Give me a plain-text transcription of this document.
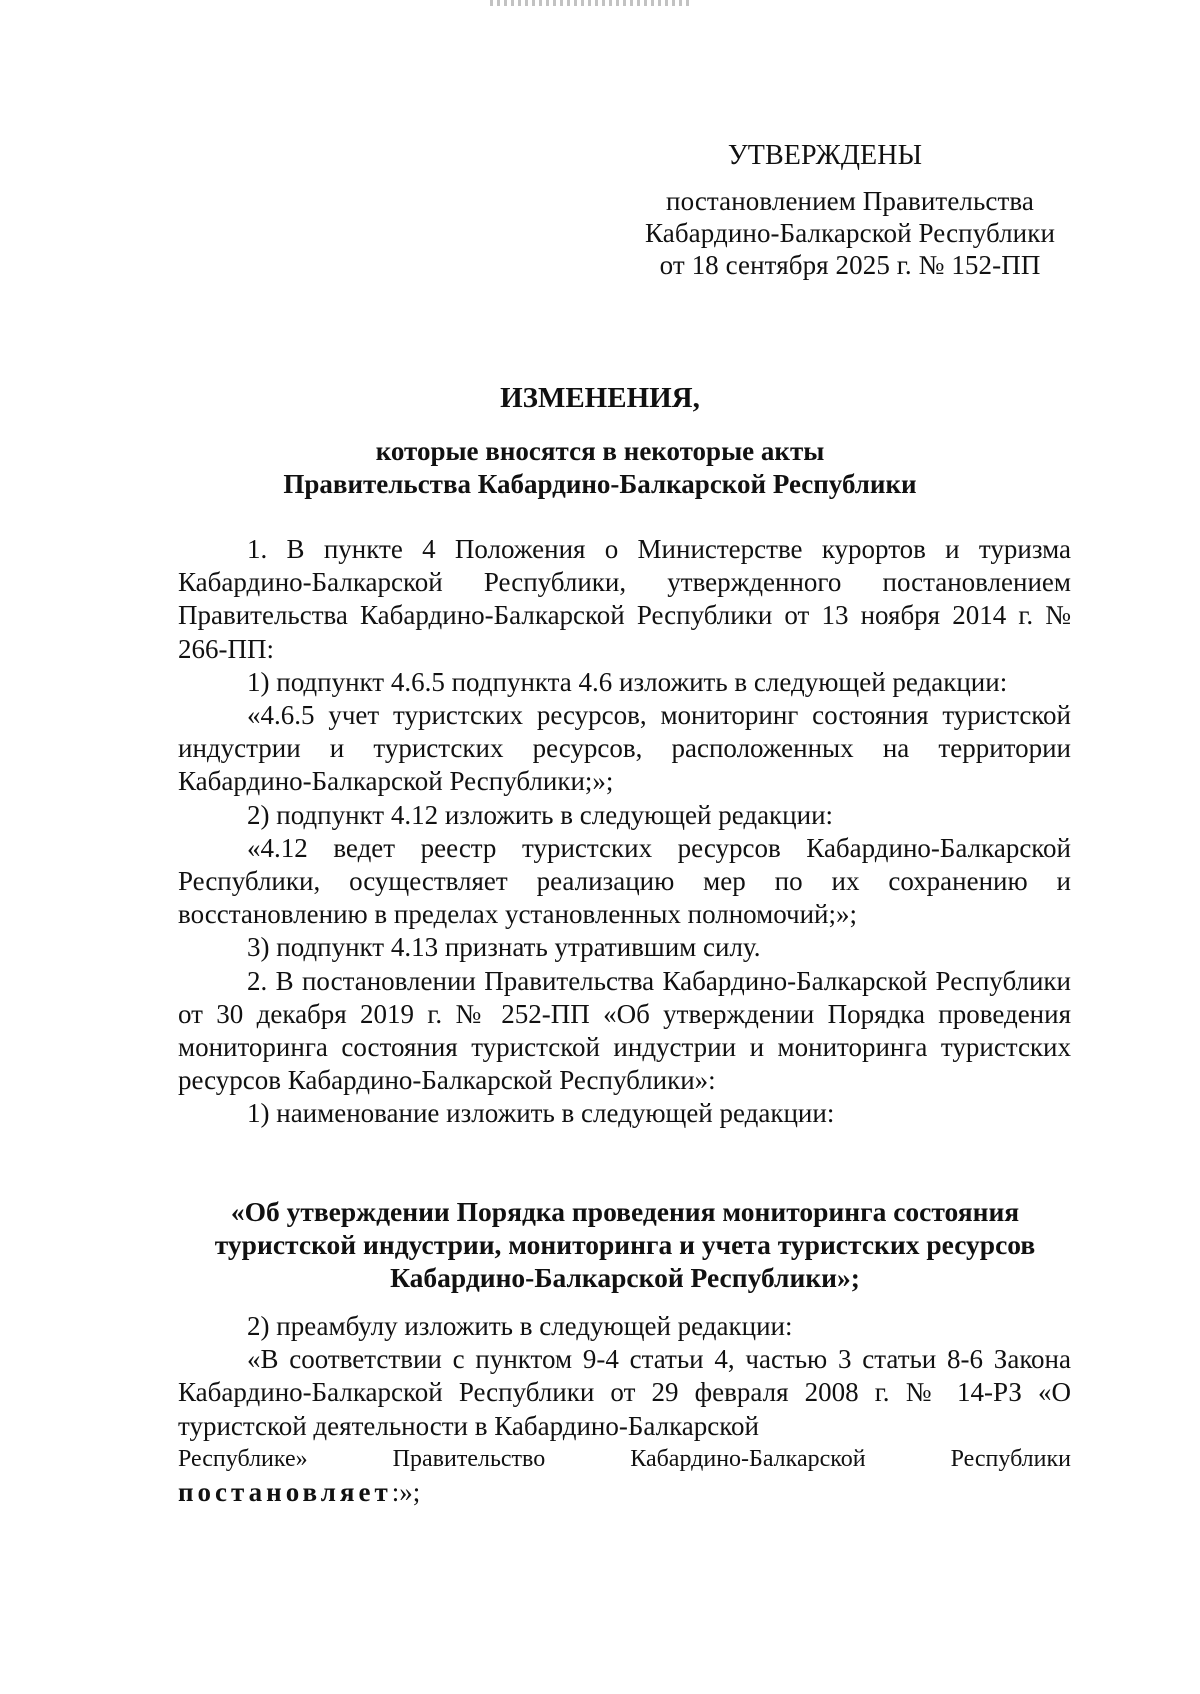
УТВЕРЖДЕНЫ
постановлением Правительства
Кабардино-Балкарской Республики
от 18 сентября 2025 г. № 152-ПП
ИЗМЕНЕНИЯ,
которые вносятся в некоторые акты
Правительства Кабардино-Балкарской Республики

1. В пункте 4 Положения о Министерстве курортов и туризма Кабардино-Балкарской Республики, утвержденного постановлением Правительства Кабардино-Балкарской Республики от 13 ноября 2014 г. № 266-ПП:

1) подпункт 4.6.5 подпункта 4.6 изложить в следующей редакции:

«4.6.5 учет туристских ресурсов, мониторинг состояния туристской индустрии и туристских ресурсов, расположенных на территории Кабардино-Балкарской Республики;»;

2) подпункт 4.12 изложить в следующей редакции:

«4.12 ведет реестр туристских ресурсов Кабардино-Балкарской Республики, осуществляет реализацию мер по их сохранению и восстановлению в пределах установленных полномочий;»;

3) подпункт 4.13 признать утратившим силу.

2. В постановлении Правительства Кабардино-Балкарской Республики от 30 декабря 2019 г. № 252-ПП «Об утверждении Порядка проведения мониторинга состояния туристской индустрии и мониторинга туристских ресурсов Кабардино-Балкарской Республики»:

1) наименование изложить в следующей редакции:

«Об утверждении Порядка проведения мониторинга состояния
туристской индустрии, мониторинга и учета туристских ресурсов
Кабардино-Балкарской Республики»;

2) преамбулу изложить в следующей редакции:

«В соответствии с пунктом 9-4 статьи 4, частью 3 статьи 8-6 Закона Кабардино-Балкарской Республики от 29 февраля 2008 г. № 14-РЗ «О туристской деятельности в Кабардино-Балкарской

Республике» Правительство Кабардино-Балкарской Республики

постановляет:»;
